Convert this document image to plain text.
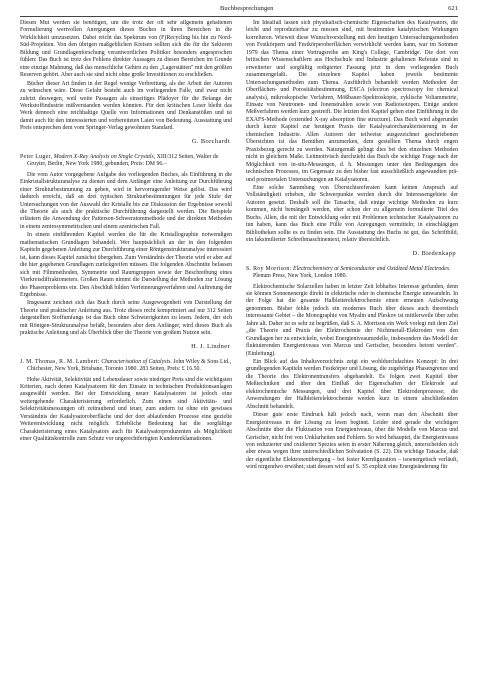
Buchbesprechungen	621

Diesen Mut werden sie benötigen, um die trotz der oft sehr allgemein gehaltenen Formulierung wertvollen Anregungen dieses Buches in ihren Bereichen in die Wirklichkeit umzusetzen. Dabei reicht das Spektrum von (F)Recycling bis hin zu Nord-Süd-Projekten. Von den übrigen maßgeblichen Kreisen sollten sich die für die Sektoren Bildung und Grundlagenforschung verantwortlichen Politiker besonders angesprochen fühlen: Das Buch ist trotz des Fehlens direkter Aussagen zu diesen Bereichen im Grunde eine einzige Mahnung, daß das menschliche Gehirn zu den „Lagerstätten" mit den größten Reserven gehört. Aber auch sie sind nicht ohne große Investitionen zu erschließen.

Bücher dieser Art finden in der Regel wenige Verbreitung, als der Arbeit der Autoren zu wünschen wäre. Diese Gefahr besteht auch im vorliegenden Falle, und zwar nicht zuletzt deswegen, weil weite Passagen als einseitiges Plädoyer für die Belange der Werkstoffindustrie mißverstanden werden könnten. Für den kritischen Leser bleibt das Werk dennoch eine reichhaltige Quelle von Informationen und Denkanstößen und ist damit auch für den interessierten und vorbereiteten Laien von Bedeutung. Ausstattung und Preis entsprechen dem vom Springer-Verlag gewohnten Standard.

G. Borchardt
Peter Luger, Modern X-Ray Analysis on Single Crystals, XIII/312 Seiten, Walter de Gruyter, Berlin, New York 1980, gebunden, Preis: DM 96.–

Die vom Autor vorgegebene Aufgabe des vorliegenden Buches, als Einführung in die Einkristallstrukturanalyse zu dienen und dem Anfänger eine Anleitung zur Durchführung einer Strukturbestimmung zu geben, wird in hervorragender Weise gelöst. Das wird dadurch erreicht, daß an drei typischen Strukturbestimmungen für jede Stufe der Untersuchungen von der Auswahl der Kristalle bis zur Diskussion der Ergebnisse sowohl die Theorie als auch die praktische Durchführung dargestellt werden. Die Beispiele erläutern die Anwendung der Patterson-Schweratommethode und der direkten Methoden in einem zentrosymmetrischen und einem azentrischen Fall.

In einem einführenden Kapitel werden die für die Kristallographie notwendigen mathematischen Grundlagen behandelt. Wer hauptsächlich an der in den folgenden Kapiteln gegebenen Anleitung zur Durchführung einer Röntgenstrukturanalyse interessiert ist, kann dieses Kapitel zunächst übergehen. Zum Verständnis der Theorie wird er aber auf die hier gegebenen Grundlagen zurückgreifen müssen. Die folgenden Abschnitte befassen sich mit Filmmethoden, Symmetrie und Raumgruppen sowie der Beschreibung eines Vierkreisdiffraktometers. Großen Raum nimmt die Darstellung der Methoden zur Lösung des Phasenproblems ein. Den Abschluß bilden Verfeinerungsverfahren und Auftretung der Ergebnisse.

Insgesamt zeichnet sich das Buch durch seine Ausgewogenheit von Darstellung der Theorie und praktischer Anleitung aus. Trotz dieses recht komprimiert auf nur 312 Seiten dargestellten Stoffumfangs ist das Buch ohne Schwierigkeiten zu lesen. Jedem, der sich mit Röntgen-Strukturanalyse befaßt, besonders aber dem Anfänger, wird dieses Buch als praktische Anleitung und als Überblick über die Theorie von großem Nutzen sein.

H. J. Lindner
J. M. Thomas, R. M. Lambert: Characterisation of Catalysts. John Wiley & Sons Ltd., Chichester, New York, Brisbane, Toronto 1980. 283 Seiten, Preis: £ 16.50.

Hohe Aktivität, Selektivität und Lebensdauer sowie niedriger Preis sind die wichtigsten Kriterien, nach denen Katalysatoren für den Einsatz in technischen Produktionsanlagen ausgewählt werden. Bei der Entwicklung neuer Katalysatoren ist jedoch eine weitergehende Charakterisierung erforderlich. Zum einen sind Aktivitäts- und Selektivitätsmessungen oft zeitraubend und teuer, zum andern ist ohne ein gewisses Verständnis der Katalysatoroberfläche und der dort ablaufenden Prozesse eine gezielte Weiterentwicklung nicht möglich. Erhebliche Bedeutung hat die sorgfältige Charakterisierung eines Katalysators auch für Katalysatorproduzenten als Möglichkeit einer Qualitätskontrolle zum Schutz vor ungerechtfertigten Kundenreklamationen.

Im Idealfall lassen sich physikalisch-chemische Eigenschaften des Katalysators, die leicht und reproduzierbar zu messen sind, mit bestimmten katalytischen Wirkungen korrelieren. Wieweit diese Wunschvorstellung mit den heutigen Untersuchungsmethoden von Festkörpern und Festkörperoberflächen verwirklicht werden kann, war im Sommer 1979 das Thema einer Vortragsreihe am King's College, Cambridge. Die dort von britischen Wissenschaftlern aus Hochschule und Industrie gehaltenen Referate sind in erweiterter und sorgfältig redigierter Fassung jetzt in dem vorliegenden Buch zusammengefaßt. Die einzelnen Kapitel haben jeweils bestimmte Untersuchungsmethoden zum Thema. Ausführlich behandelt werden Methoden der Oberflächen- und Porositätsbestimmung, ESCA (electron spectroscopy for chemical analysis), mikroskopische Verfahren, Mößbauer-Spektroskopie, zyklische Voltammetrie, Einsatz von Neutronen- und Ionenstrahlen sowie von Radioisotopen. Einige andere Meßverfahren werden kurz gestreift. Die letzten drei Kapitel gehen eine Einführung in die EXAFS-Methode (extended X-ray absorption fine structure). Das Buch wird abgerundet durch kurze Kapitel zur heutigen Praxis der Katalysatorcharakterisierung in der chemischen Industrie. Allen Autoren der teilweise ausgezeichnet geschriebenen Übersichten ist das Bemühen anzumerken, dem gestellten Thema durch engen Praxisbezug gerecht zu werden. Naturgemäß gelingt dies bei den einzelnen Methoden nicht in gleichem Maße. Leitmotivisch durchzieht das Buch die wichtige Frage nach der Möglichkeit von in-situ-Messungen, d. h. Messungen unter den Bedingungen des technischen Prozesses, im Gegensatz zu den bisher fast ausschließlich angewandten prä- und postmortalen Untersuchungen an Katalysatoren.

Eine solche Sammlung von Übersichtsreferaten kann keinen Anspruch auf Vollständigkeit erheben, die Schwerpunkte werden durch die Interessengebiete der Autoren gesetzt. Deshalb soll die Tatsache, daß einige wichtige Methoden zu kurz kommen, nicht bemängelt werden, eher schon der zu allgemein formulierte Titel des Buchs. Allen, die mit der Entwicklung oder mit Problemen technischer Katalysatoren zu tun haben, kann das Buch eine Fülle von Anregungen vermitteln; in einschlägigen Bibliotheken sollte es zu finden sein. Die Ausstattung des Buchs ist gut, das Schriftbild, ein faksimilierter Schreibmaschinentext, relativ übersichtlich.

D. Biedenkapp
S. Roy Morrison: Electrochemistry at Semiconductor and Oxidized Metal Electrodes. Plenum Press, New York, London 1980.

Elektrochemische Solarzellen haben in letzter Zeit lebhaftes Interesse gefunden, denn sie können Sonnenenergie direkt in elektrische oder in chemische Energie umwandeln. In der Folge hat die gesamte Halbleiterelektrochemie einen erneuten Aufschwung genommen. Bisher fehlte jedoch ein modernes Buch über dieses auch theoretisch interessante Gebiet – die Monographie von Myalin und Pleskov ist mittlerweile über zehn Jahre alt. Daher ist es sehr zu begrüßen, daß S. A. Morrison ein Werk vorlegt mit dem Ziel „die Theorie und Praxis der Elektrochemie der Nichtmetall-Elektroden von den Grundlagen her zu entwickeln, wobei Energieniveaumodelle, insbesondere das Modell der fluktuierenden Energieniveaus von Marcus und Gerischer, besonders betont werden". (Einleitung).

Ein Blick auf das Inhaltsverzeichnis zeigt ein wohldurchdachtes Konzept: In drei grundlegenden Kapiteln werden Festkörper und Lösung, die zugehörige Phasengrenze und die Theorie des Elektronentransfers abgehandelt. Es folgen zwei Kapitel über Meßtechniken und über den Einfluß der Eigenschaften der Elektrode auf elektrochemische Messungen, und drei Kapitel über Elektrodenprozesse; die Anwendungen der Halbleiterelektrochemie werden kurz in einem abschließenden Abschnitt behandelt.

Dieser gute erste Eindruck hält jedoch nach, wenn man den Abschnitt über Energieniveaus in der Lösung zu lesen beginnt. Leider sind gerade die wichtigen Abschnitte über die Fluktuation von Energieniveaus, über die Modelle von Marcus und Gerischer, nicht frei von Unklarheiten und Fehlern. So wird behauptet, die Energieniveaus von reduzierter und oxidierter Spezies seien in erster Näherung gleich, unterscheiden sich aber etwas wegen ihrer unterschiedlichen Solvatation (S. 22). Die wichtige Tatsache, daß der eigentliche Elektronenübergang – bei fester Kernfiguration – isoenergetisch verläuft, wird nirgendwo erwähnt; statt dessen wird auf S. 35 explizit eine Energieänderung für
